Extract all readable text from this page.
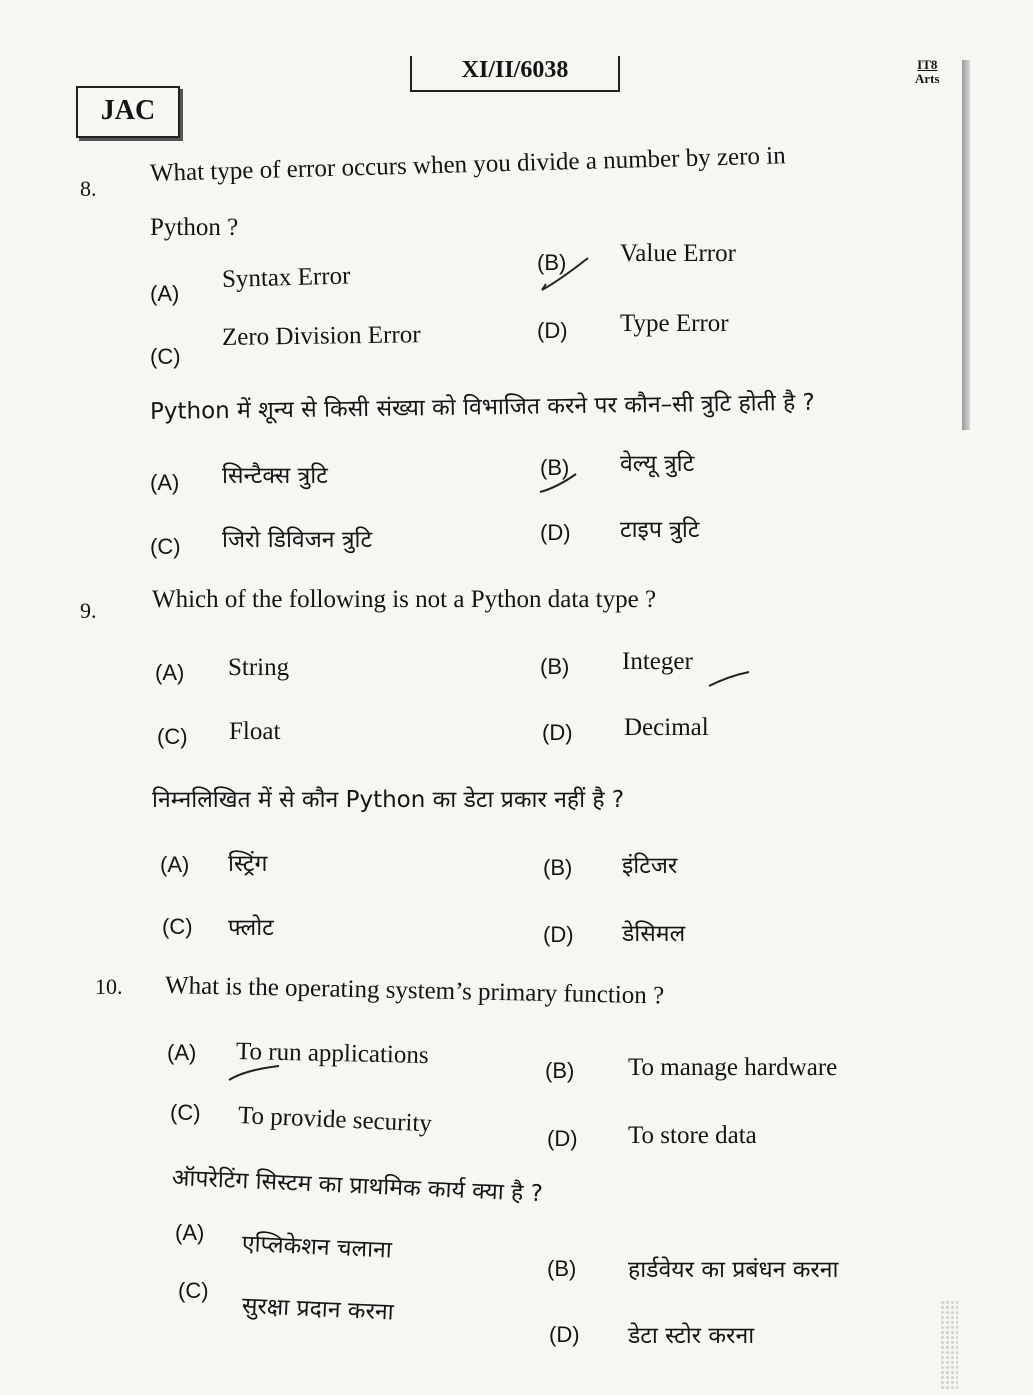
XI/II/6038
JAC
IT8
Arts
8.
What type of error occurs when you divide a number by zero in
Python ?
(A)
Syntax Error	(B) Value Error
(C)
Zero Division Error	(D) Type Error
Python में शून्य से किसी संख्या को विभाजित करने पर कौन–सी त्रुटि होती है ?
(A) सिन्टैक्स त्रुटि	(B) वेल्यू त्रुटि
(C) जिरो डिविजन त्रुटि	(D) टाइप त्रुटि
9. Which of the following is not a Python data type ?
(A) String	(B) Integer
(C) Float	(D) Decimal
निम्नलिखित में से कौन Python का डेटा प्रकार नहीं है ?
(A) स्ट्रिंग	(B) इंटिजर
(C) फ्लोट	(D) डेसिमल
10. What is the operating system’s primary function ?
(A) To run applications
(B) To manage hardware
(C) To provide security
(D) To store data
ऑपरेटिंग सिस्टम का प्राथमिक कार्य क्या है ?
(A) एप्लिकेशन चलाना
(B) हार्डवेयर का प्रबंधन करना
(C)
सुरक्षा प्रदान करना
(D) डेटा स्टोर करना
